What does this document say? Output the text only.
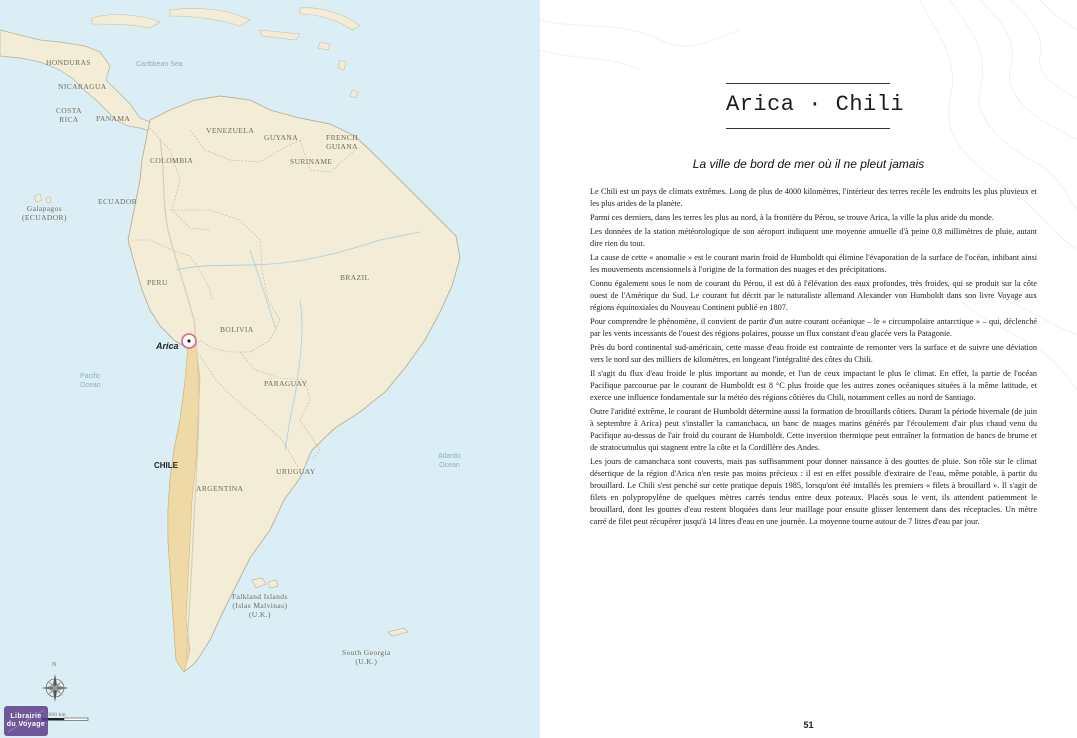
HONDURAS
NICARAGUA
COSTA
RICA	PANAMA
Caribbean Sea
VENEZUELA
GUYANA	FRENCH
GUIANA
SURINAME
COLOMBIA
Galapagos
(ECUADOR)
ECUADOR
PERU
BRAZIL
BOLIVIA
Arica
Pacific
Ocean	PARAGUAY
Atlantic
Ocean
CHILE
URUGUAY
ARGENTINA
Falkland Islands
(Islas Malvinas)
(U.K.)
South Georgia
(U.K.)
N
1 000 km
Librairie du Voyage
Arica · Chili
La ville de bord de mer où il ne pleut jamais

Le Chili est un pays de climats extrêmes. Long de plus de 4000 kilomètres, l'intérieur des terres recèle les endroits les plus pluvieux et les plus arides de la planète.

Parmi ces derniers, dans les terres les plus au nord, à la frontière du Pérou, se trouve Arica, la ville la plus aride du monde.

Les données de la station météorologique de son aéroport indiquent une moyenne annuelle d'à peine 0,8 millimètres de pluie, autant dire rien du tout.

La cause de cette « anomalie » est le courant marin froid de Humboldt qui élimine l'évaporation de la surface de l'océan, inhibant ainsi les mouvements ascensionnels à l'origine de la formation des nuages et des précipitations.

Connu également sous le nom de courant du Pérou, il est dû à l'élévation des eaux profondes, très froides, qui se produit sur la côte ouest de l'Amérique du Sud. Le courant fut décrit par le naturaliste allemand Alexander von Humboldt dans son livre Voyage aux régions équinoxiales du Nouveau Continent publié en 1807.

Pour comprendre le phénomène, il convient de partir d'un autre courant océanique – le « circumpolaire antarctique » – qui, déclenché par les vents incessants de l'ouest des régions polaires, pousse un flux constant d'eau glacée vers la Patagonie.

Près du bord continental sud-américain, cette masse d'eau froide est contrainte de remonter vers la surface et de suivre une déviation vers le nord sur des milliers de kilomètres, en longeant l'intégralité des côtes du Chili.

Il s'agit du flux d'eau froide le plus important au monde, et l'un de ceux impactant le plus le climat. En effet, la partie de l'océan Pacifique parcourue par le courant de Humboldt est 8 °C plus froide que les autres zones océaniques situées à la même latitude, et exerce une influence fondamentale sur la météo des régions côtières du Chili, notamment celles au nord de Santiago.

Outre l'aridité extrême, le courant de Humboldt détermine aussi la formation de brouillards côtiers. Durant la période hivernale (de juin à septembre à Arica) peut s'installer la camanchaca, un banc de nuages marins générés par l'écoulement d'air plus chaud venu du Pacifique au-dessus de l'air froid du courant de Humboldt. Cette inversion thermique peut entraîner la formation de bancs de brume et de stratocumulus qui stagnent entre la côte et la Cordillère des Andes.

Les jours de camanchaca sont couverts, mais pas suffisamment pour donner naissance à des gouttes de pluie. Son rôle sur le climat désertique de la région d'Arica n'en reste pas moins précieux : il est en effet possible d'extraire de l'eau, même potable, à partir du brouillard. Le Chili s'est penché sur cette pratique depuis 1985, lorsqu'ont été installés les premiers « filets à brouillard ». Il s'agit de filets en polypropylène de quelques mètres carrés tendus entre deux poteaux. Placés sous le vent, ils attendent patiemment le brouillard, dont les gouttes d'eau restent bloquées dans leur maillage pour ensuite glisser lentement dans des réceptacles. Un mètre carré de filet peut récupérer jusqu'à 14 litres d'eau en une journée. La moyenne tourne autour de 7 litres d'eau par jour.

51
